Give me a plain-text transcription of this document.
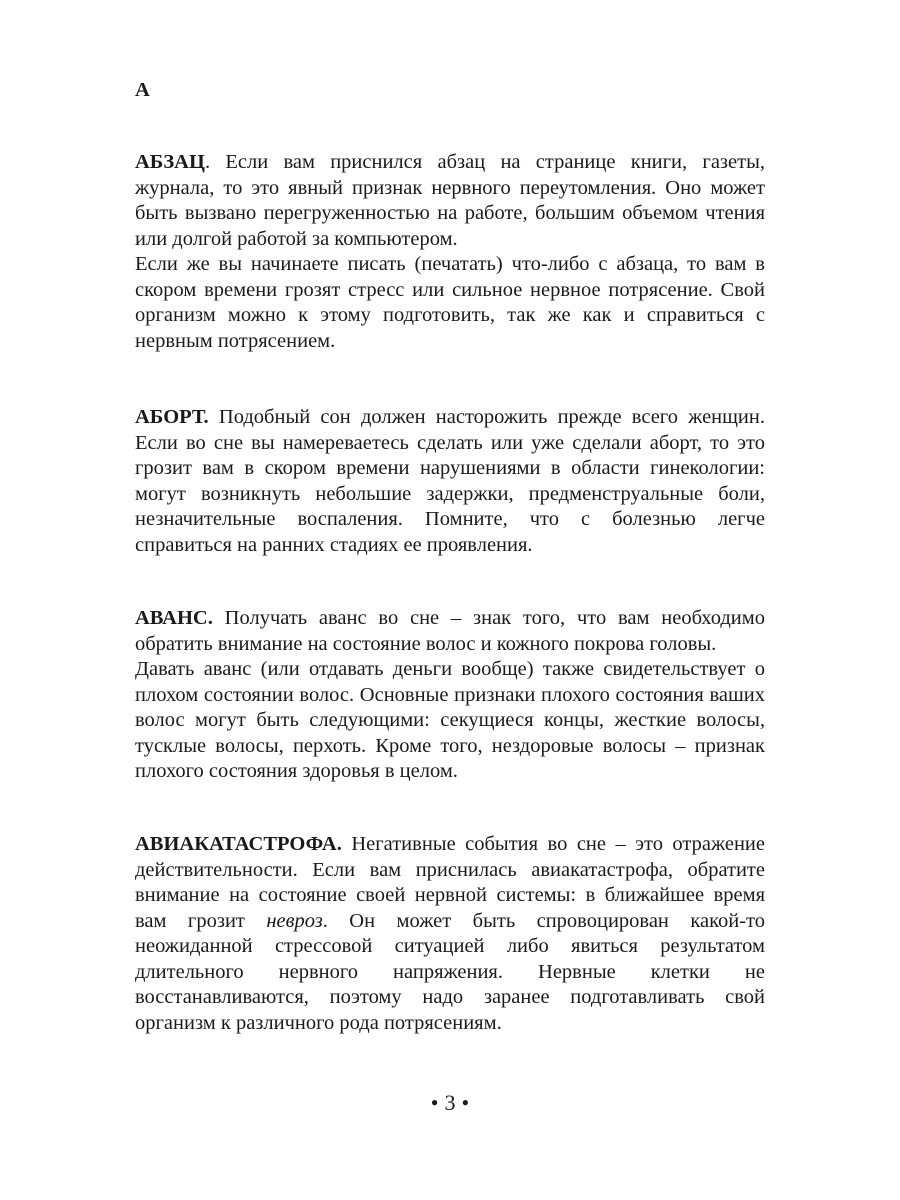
А

АБЗАЦ. Если вам приснился абзац на странице книги, газеты, журнала, то это явный признак нервного переутомления. Оно может быть вызвано перегруженностью на работе, большим объемом чтения или долгой работой за компьютером.

Если же вы начинаете писать (печатать) что-либо с абзаца, то вам в скором времени грозят стресс или сильное нервное потрясение. Свой организм можно к этому подготовить, так же как и справиться с нервным потрясением.

АБОРТ. Подобный сон должен насторожить прежде всего женщин. Если во сне вы намереваетесь сделать или уже сделали аборт, то это грозит вам в скором времени нарушениями в области гинекологии: могут возникнуть небольшие задержки, предменструальные боли, незначительные воспаления. Помните, что с болезнью легче справиться на ранних стадиях ее проявления.

АВАНС. Получать аванс во сне – знак того, что вам необходимо обратить внимание на состояние волос и кожного покрова головы.

Давать аванс (или отдавать деньги вообще) также свидетельствует о плохом состоянии волос. Основные признаки плохого состояния ваших волос могут быть следующими: секущиеся концы, жесткие волосы, тусклые волосы, перхоть. Кроме того, нездоровые волосы – признак плохого состояния здоровья в целом.

АВИАКАТАСТРОФА. Негативные события во сне – это отражение действительности. Если вам приснилась авиакатастрофа, обратите внимание на состояние своей нервной системы: в ближайшее время вам грозит невроз. Он может быть спровоцирован какой-то неожиданной стрессовой ситуацией либо явиться результатом длительного нервного напряжения. Нервные клетки не восстанавливаются, поэтому надо заранее подготавливать свой организм к различного рода потрясениям.

• 3 •
